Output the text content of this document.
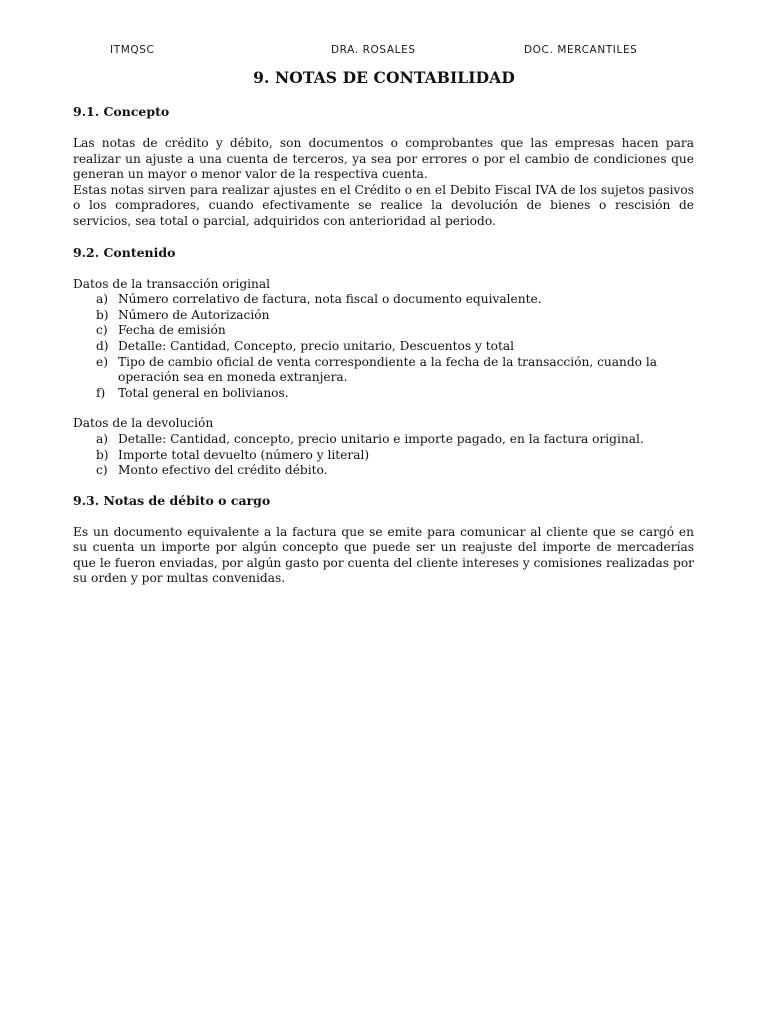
ITMQSC	DRA. ROSALES	DOC. MERCANTILES
9. NOTAS DE CONTABILIDAD
9.1. Concepto

Las notas de crédito y débito, son documentos o comprobantes que las empresas hacen para realizar un ajuste a una cuenta de terceros, ya sea por errores o por el cambio de condiciones que generan un mayor o menor valor de la respectiva cuenta.

Estas notas sirven para realizar ajustes en el Crédito o en el Debito Fiscal IVA de los sujetos pasivos o los compradores, cuando efectivamente se realice la devolución de bienes o rescisión de servicios, sea total o parcial, adquiridos con anterioridad al periodo.

9.2. Contenido

Datos de la transacción original

a) Número correlativo de factura, nota fiscal o documento equivalente.
b) Número de Autorización
c) Fecha de emisión
d) Detalle: Cantidad, Concepto, precio unitario, Descuentos y total
e) Tipo de cambio oficial de venta correspondiente a la fecha de la transacción, cuando la operación sea en moneda extranjera.
f) Total general en bolivianos.

Datos de la devolución

a) Detalle: Cantidad, concepto, precio unitario e importe pagado, en la factura original.
b) Importe total devuelto (número y literal)
c) Monto efectivo del crédito débito.
9.3. Notas de débito o cargo

Es un documento equivalente a la factura que se emite para comunicar al cliente que se cargó en su cuenta un importe por algún concepto que puede ser un reajuste del importe de mercaderías que le fueron enviadas, por algún gasto por cuenta del cliente intereses y comisiones realizadas por su orden y por multas convenidas.
